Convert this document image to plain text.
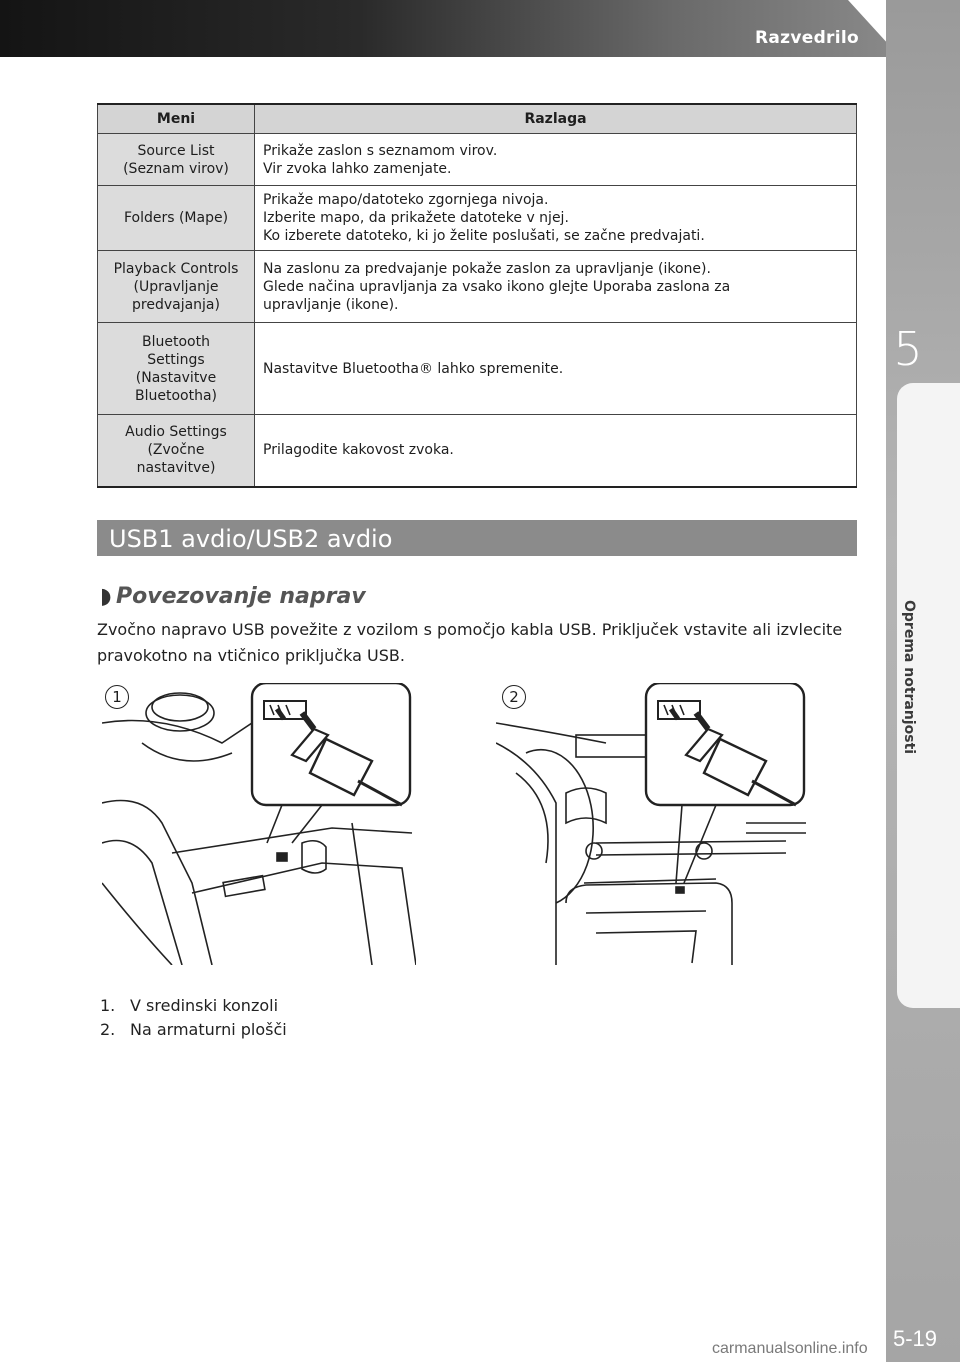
Razvedrilo
5
Oprema notranjosti
5-19
carmanualsonline.info
Meni	Razlaga

Source List
(Seznam virov)	Prikaže zaslon s seznamom virov.
Vir zvoka lahko zamenjate.

Folders (Mape)	Prikaže mapo/datoteko zgornjega nivoja.
Izberite mapo, da prikažete datoteke v njej.
Ko izberete datoteko, ki jo želite poslušati, se začne predvajati.

Playback Controls
(Upravljanje
predvajanja)	Na zaslonu za predvajanje pokaže zaslon za upravljanje (ikone).
Glede načina upravljanja za vsako ikono glejte Uporaba zaslona za
upravljanje (ikone).

Bluetooth
Settings
(Nastavitve
Bluetootha)	Nastavitve Bluetootha® lahko spremenite.

Audio Settings
(Zvočne
nastavitve)	Prilagodite kakovost zvoka.
USB1 avdio/USB2 avdio
◗ Povezovanje naprav
Zvočno napravo USB povežite z vozilom s pomočjo kabla USB. Priključek vstavite ali izvlecite pravokotno na vtičnico priključka USB.
1	2
1. V sredinski konzoli
2. Na armaturni plošči
